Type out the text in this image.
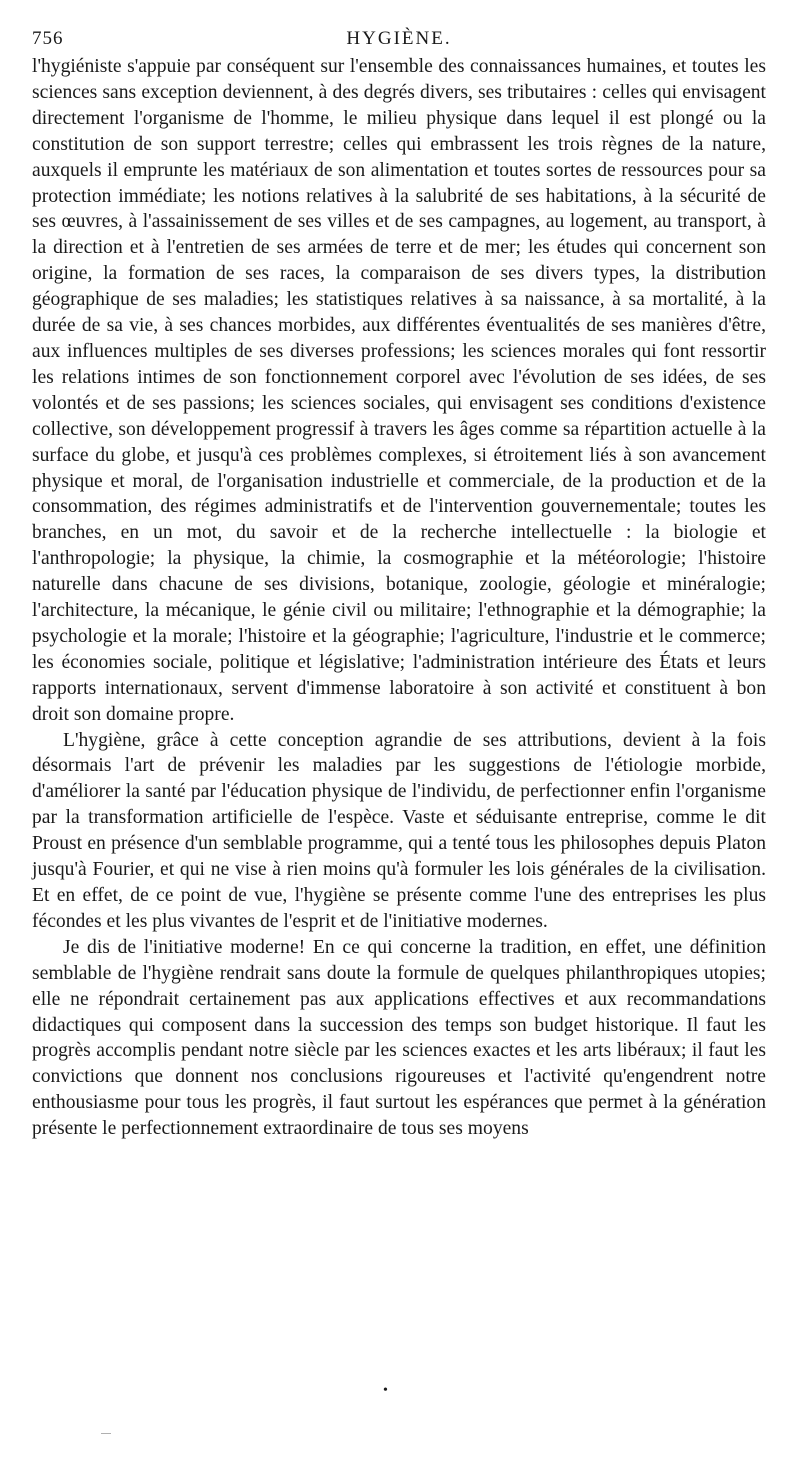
756	HYGIÈNE.

l'hygiéniste s'appuie par conséquent sur l'ensemble des connaissances humaines, et toutes les sciences sans exception deviennent, à des degrés divers, ses tributaires : celles qui envisagent directement l'organisme de l'homme, le milieu physique dans lequel il est plongé ou la constitution de son support terrestre; celles qui embrassent les trois règnes de la nature, auxquels il emprunte les matériaux de son alimentation et toutes sortes de ressources pour sa protection immédiate; les notions relatives à la salubrité de ses habitations, à la sécurité de ses œuvres, à l'assainissement de ses villes et de ses campagnes, au logement, au transport, à la direction et à l'entretien de ses armées de terre et de mer; les études qui concernent son origine, la formation de ses races, la comparaison de ses divers types, la distribution géographique de ses maladies; les statistiques relatives à sa naissance, à sa mortalité, à la durée de sa vie, à ses chances morbides, aux différentes éventualités de ses manières d'être, aux influences multiples de ses diverses professions; les sciences morales qui font ressortir les relations intimes de son fonctionnement corporel avec l'évolution de ses idées, de ses volontés et de ses passions; les sciences sociales, qui envisagent ses conditions d'existence collective, son développement progressif à travers les âges comme sa répartition actuelle à la surface du globe, et jusqu'à ces problèmes complexes, si étroitement liés à son avancement physique et moral, de l'organisation industrielle et commerciale, de la production et de la consommation, des régimes administratifs et de l'intervention gouvernementale; toutes les branches, en un mot, du savoir et de la recherche intellectuelle : la biologie et l'anthropologie; la physique, la chimie, la cosmographie et la météorologie; l'histoire naturelle dans chacune de ses divisions, botanique, zoologie, géologie et minéralogie; l'architecture, la mécanique, le génie civil ou militaire; l'ethnographie et la démographie; la psychologie et la morale; l'histoire et la géographie; l'agriculture, l'industrie et le commerce; les économies sociale, politique et législative; l'administration intérieure des États et leurs rapports internationaux, servent d'immense laboratoire à son activité et constituent à bon droit son domaine propre.

L'hygiène, grâce à cette conception agrandie de ses attributions, devient à la fois désormais l'art de prévenir les maladies par les suggestions de l'étiologie morbide, d'améliorer la santé par l'éducation physique de l'individu, de perfectionner enfin l'organisme par la transformation artificielle de l'espèce. Vaste et séduisante entreprise, comme le dit Proust en présence d'un semblable programme, qui a tenté tous les philosophes depuis Platon jusqu'à Fourier, et qui ne vise à rien moins qu'à formuler les lois générales de la civilisation. Et en effet, de ce point de vue, l'hygiène se présente comme l'une des entreprises les plus fécondes et les plus vivantes de l'esprit et de l'initiative modernes.

Je dis de l'initiative moderne! En ce qui concerne la tradition, en effet, une définition semblable de l'hygiène rendrait sans doute la formule de quelques philanthropiques utopies; elle ne répondrait certainement pas aux applications effectives et aux recommandations didactiques qui composent dans la succession des temps son budget historique. Il faut les progrès accomplis pendant notre siècle par les sciences exactes et les arts libéraux; il faut les convictions que donnent nos conclusions rigoureuses et l'activité qu'engendrent notre enthousiasme pour tous les progrès, il faut surtout les espérances que permet à la génération présente le perfectionnement extraordinaire de tous ses moyens

•
